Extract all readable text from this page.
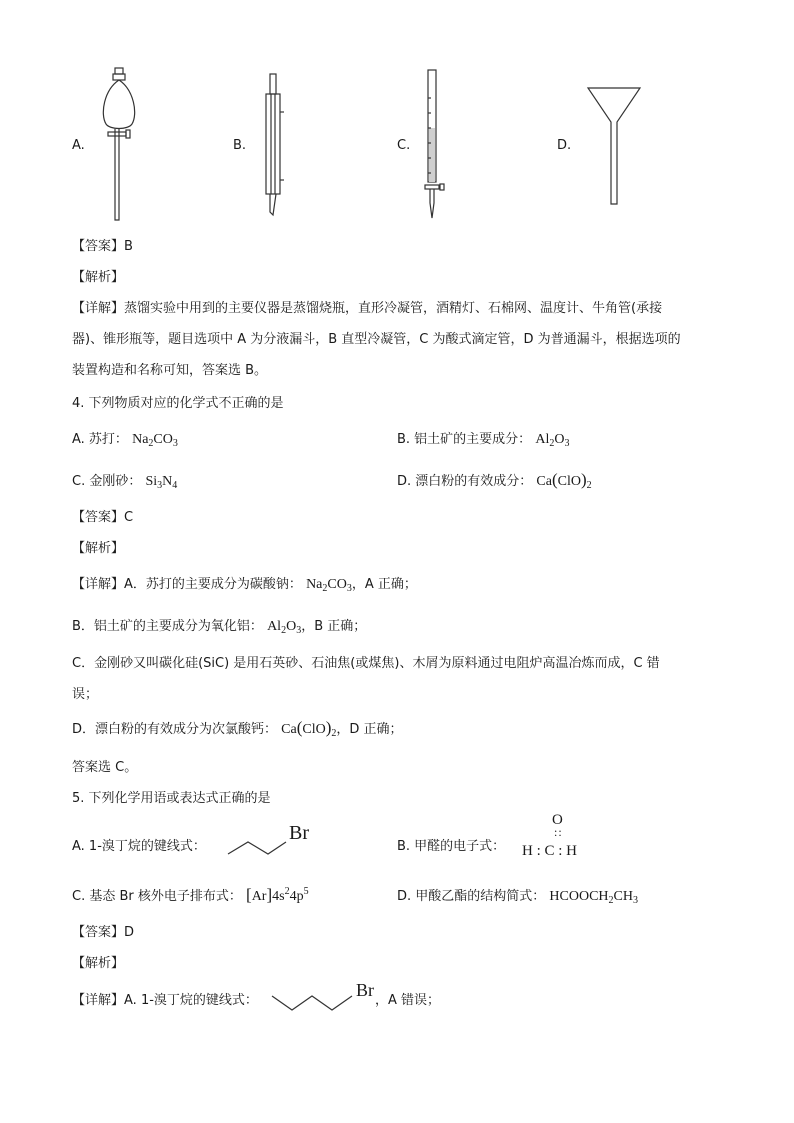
A.	B.	C.	D.
【答案】B
【解析】
【详解】蒸馏实验中用到的主要仪器是蒸馏烧瓶，直形冷凝管，酒精灯、石棉网、温度计、牛角管(承接
器)、锥形瓶等，题目选项中 A 为分液漏斗，B 直型冷凝管，C 为酸式滴定管，D 为普通漏斗，根据选项的
装置构造和名称可知，答案选 B。
4. 下列物质对应的化学式不正确的是
A. 苏打： $Na_2CO_3$	B. 铝土矿的主要成分： $Al_2O_3$
C. 金刚砂： $Si_3N_4$	D. 漂白粉的有效成分： $Ca(ClO)_2$
【答案】C
【解析】
【详解】A．苏打的主要成分为碳酸钠： $Na_2CO_3$，A 正确；
B．铝土矿的主要成分为氧化铝： $Al_2O_3$，B 正确；
C．金刚砂又叫碳化硅(SiC) 是用石英砂、石油焦(或煤焦)、木屑为原料通过电阻炉高温冶炼而成，C 错
误；
D．漂白粉的有效成分为次氯酸钙： $Ca(ClO)_2$，D 正确；
答案选 C。
5. 下列化学用语或表达式正确的是
A. 1-溴丁烷的键线式：
Br
B. 甲醛的电子式：
O
::
H : C : H
C. 基态 Br 核外电子排布式： $[Ar]4s^24p^5$	D. 甲酸乙酯的结构简式： $HCOOCH_2CH_3$
【答案】D
【解析】
【详解】A. 1-溴丁烷的键线式：
Br
，A 错误；
